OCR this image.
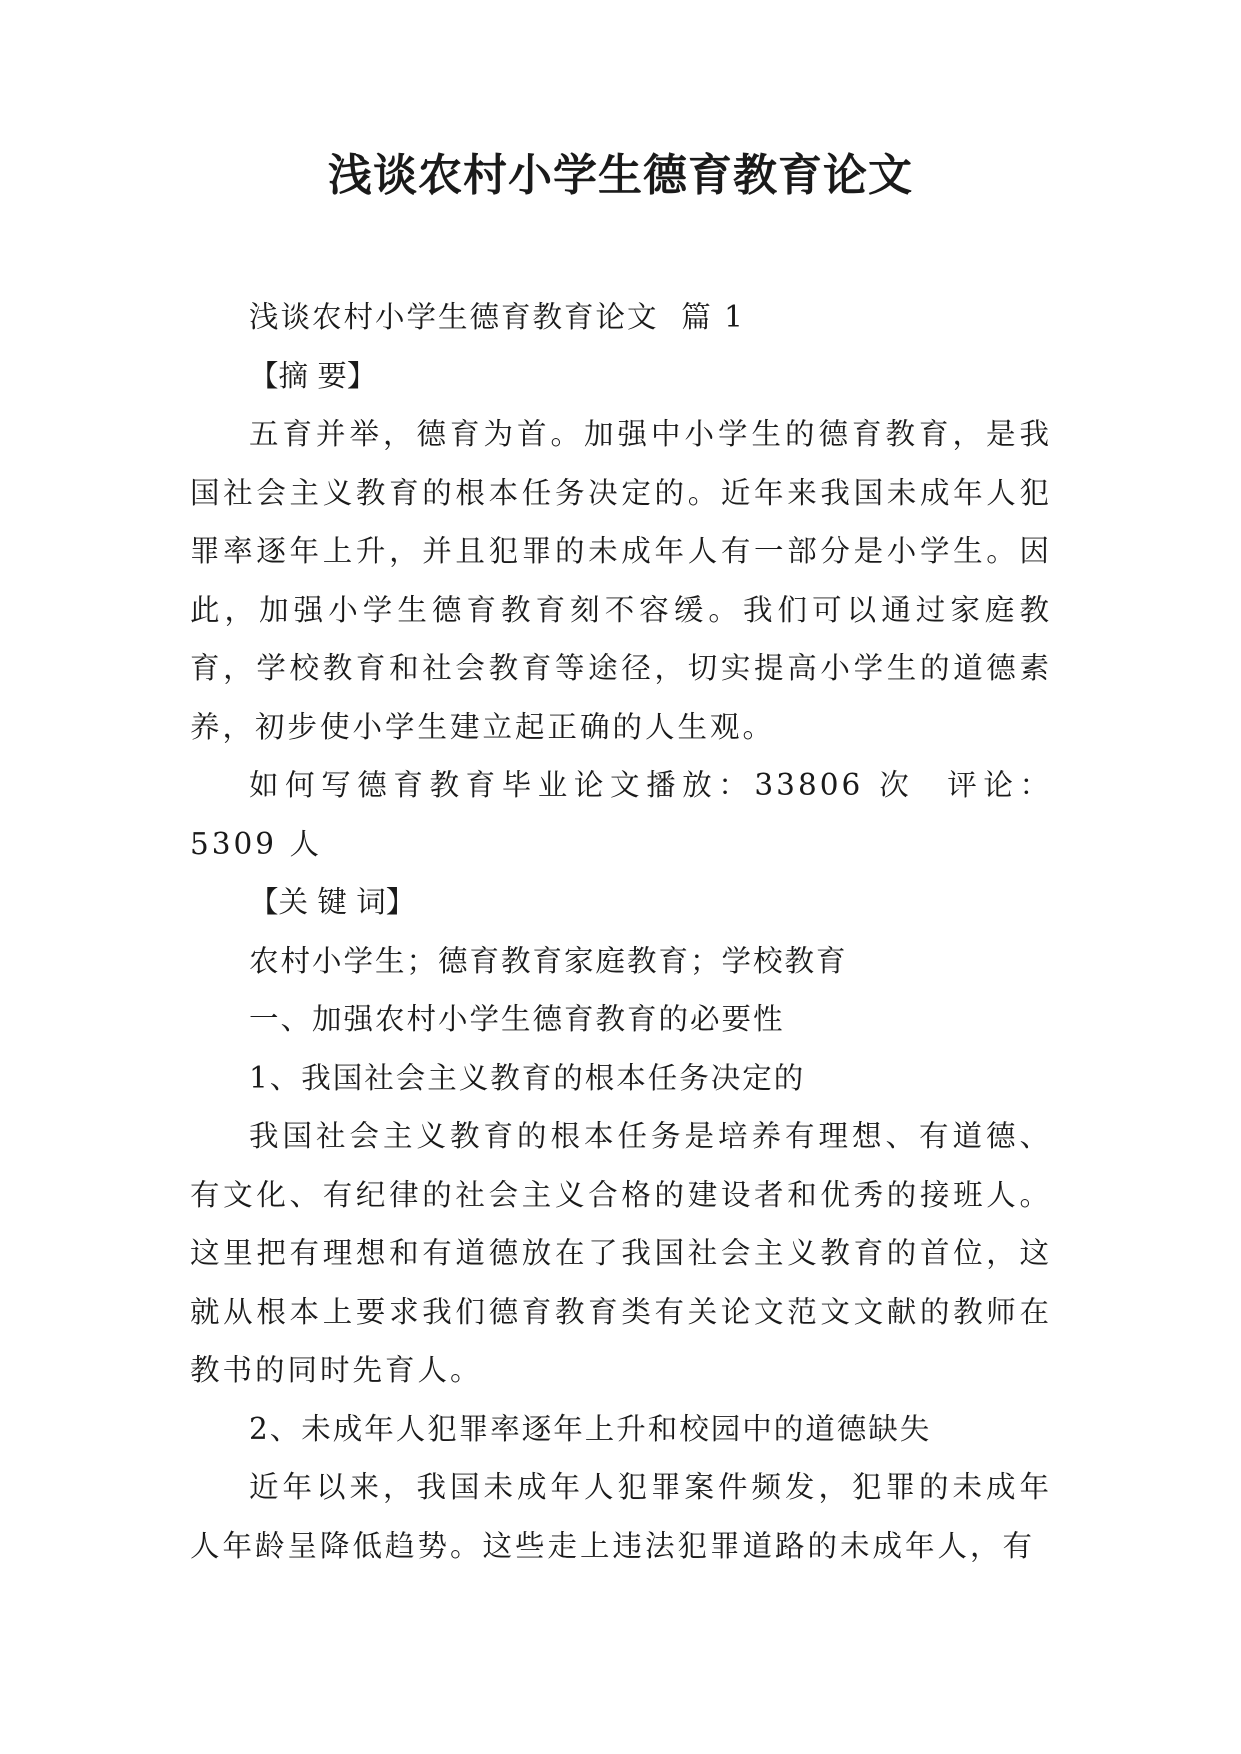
浅谈农村小学生德育教育论文

浅谈农村小学生德育教育论文  篇 1

【摘 要】

五育并举，德育为首。加强中小学生的德育教育，是我国社会主义教育的根本任务决定的。近年来我国未成年人犯罪率逐年上升，并且犯罪的未成年人有一部分是小学生。因此，加强小学生德育教育刻不容缓。我们可以通过家庭教育，学校教育和社会教育等途径，切实提高小学生的道德素养，初步使小学生建立起正确的人生观。

如何写德育教育毕业论文播放：33806 次  评论：5309 人

【关 键 词】

农村小学生；德育教育家庭教育；学校教育

一、加强农村小学生德育教育的必要性

1、我国社会主义教育的根本任务决定的

我国社会主义教育的根本任务是培养有理想、有道德、有文化、有纪律的社会主义合格的建设者和优秀的接班人。这里把有理想和有道德放在了我国社会主义教育的首位，这就从根本上要求我们德育教育类有关论文范文文献的教师在教书的同时先育人。

2、未成年人犯罪率逐年上升和校园中的道德缺失

近年以来，我国未成年人犯罪案件频发，犯罪的未成年人年龄呈降低趋势。这些走上违法犯罪道路的未成年人，有
